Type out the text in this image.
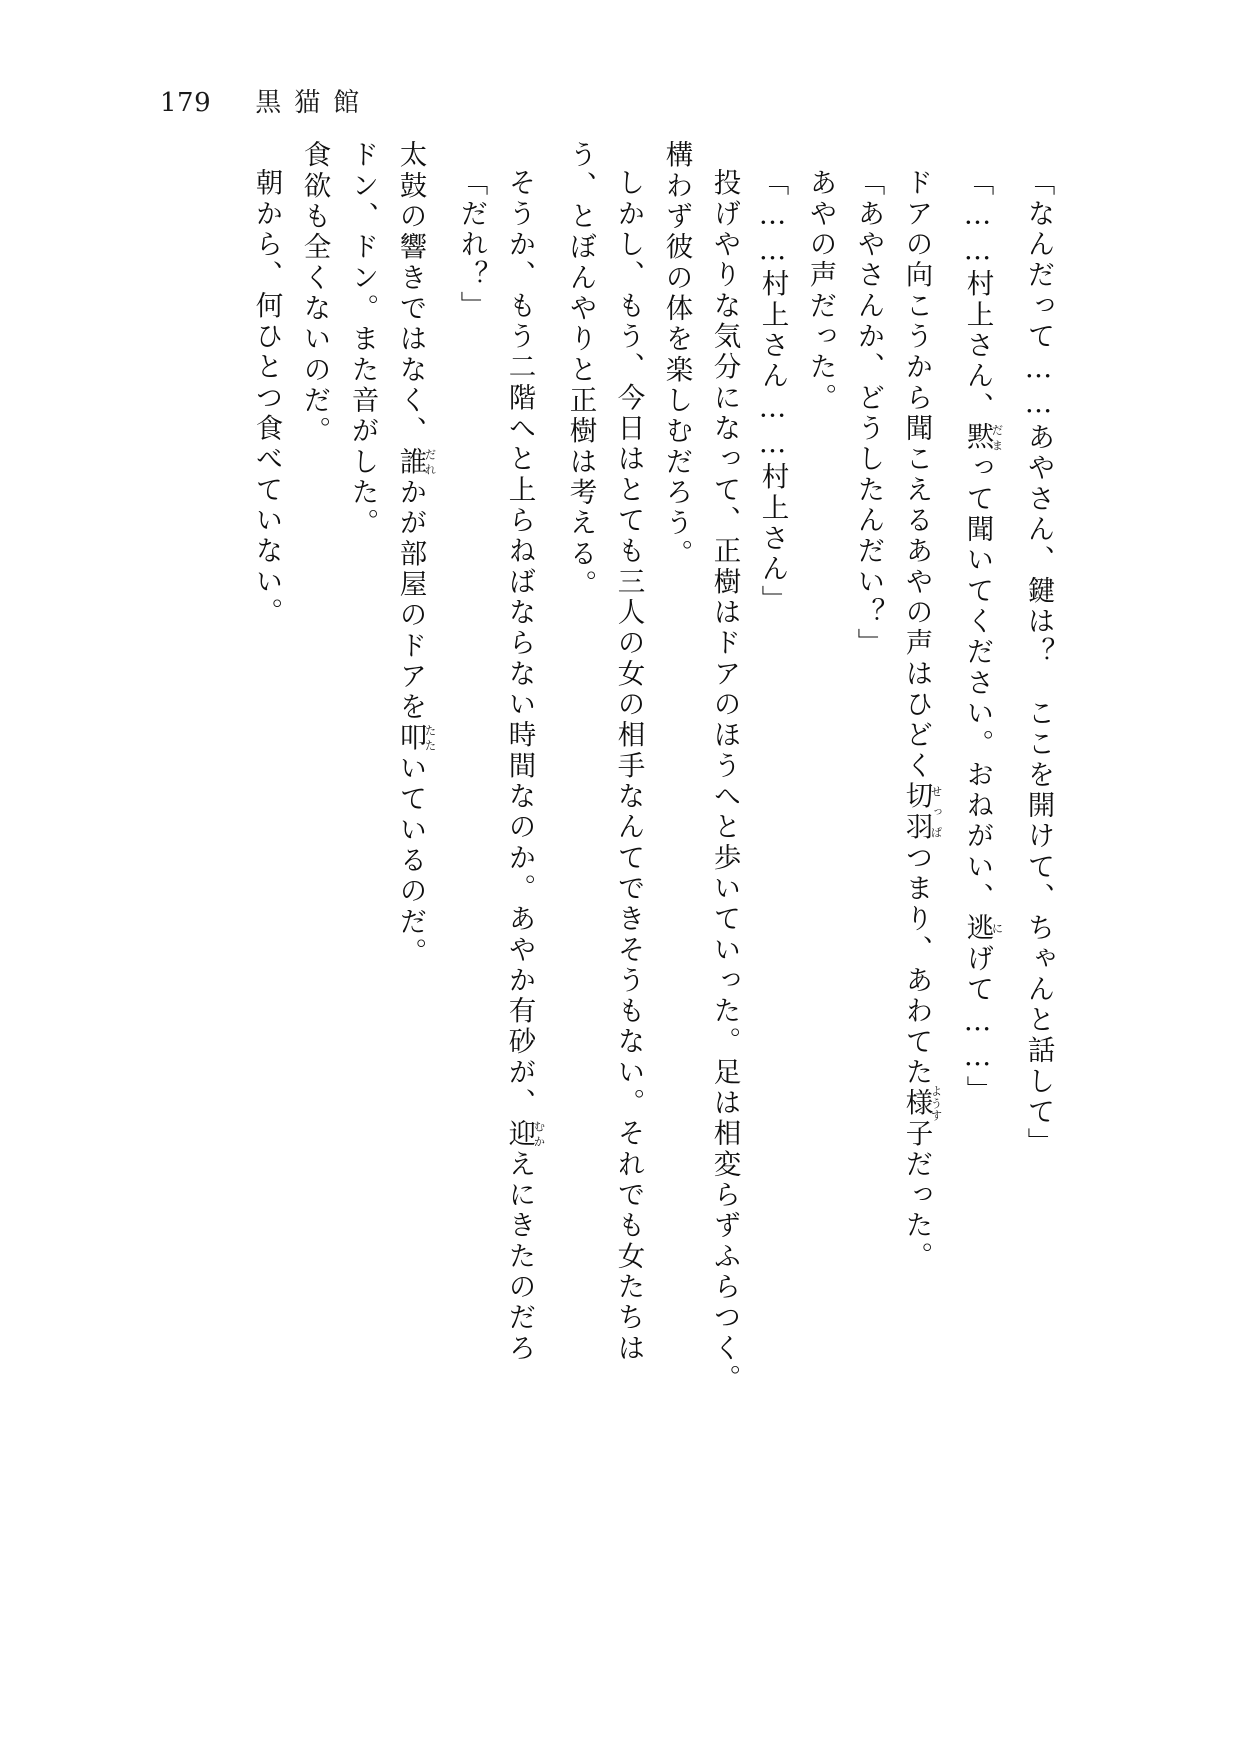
179 黒猫館
朝から、何ひとつ食べていない。 食欲も全くないのだ。 ドン、ドン。また音がした。 太鼓の響きではなく、誰だれかが部屋のドアを叩たたいているのだ。
「だれ？」 そうか、もう二階へと上らねばならない時間なのか。あやか有砂が、迎むかえにきたのだろ
う、とぼんやりと正樹は考える。 しかし、もう、今日はとても三人の女の相手なんてできそうもない。それでも女たちは 構わず彼の体を楽しむだろう。 投げやりな気分になって、正樹はドアのほうへと歩いていった。足は相変らずふらつく。 「……村上さん……村上さん」 あやの声だった。 「あやさんか、どうしたんだい？」 ドアの向こうから聞こえるあやの声はひどく切羽せっぱつまり、あわてた様ようす子だった。
「……村上さん、黙だまって聞いてください。おねがい、逃にげて……」	「なんだって……あやさん、鍵は？　ここを開けて、ちゃんと話して」
